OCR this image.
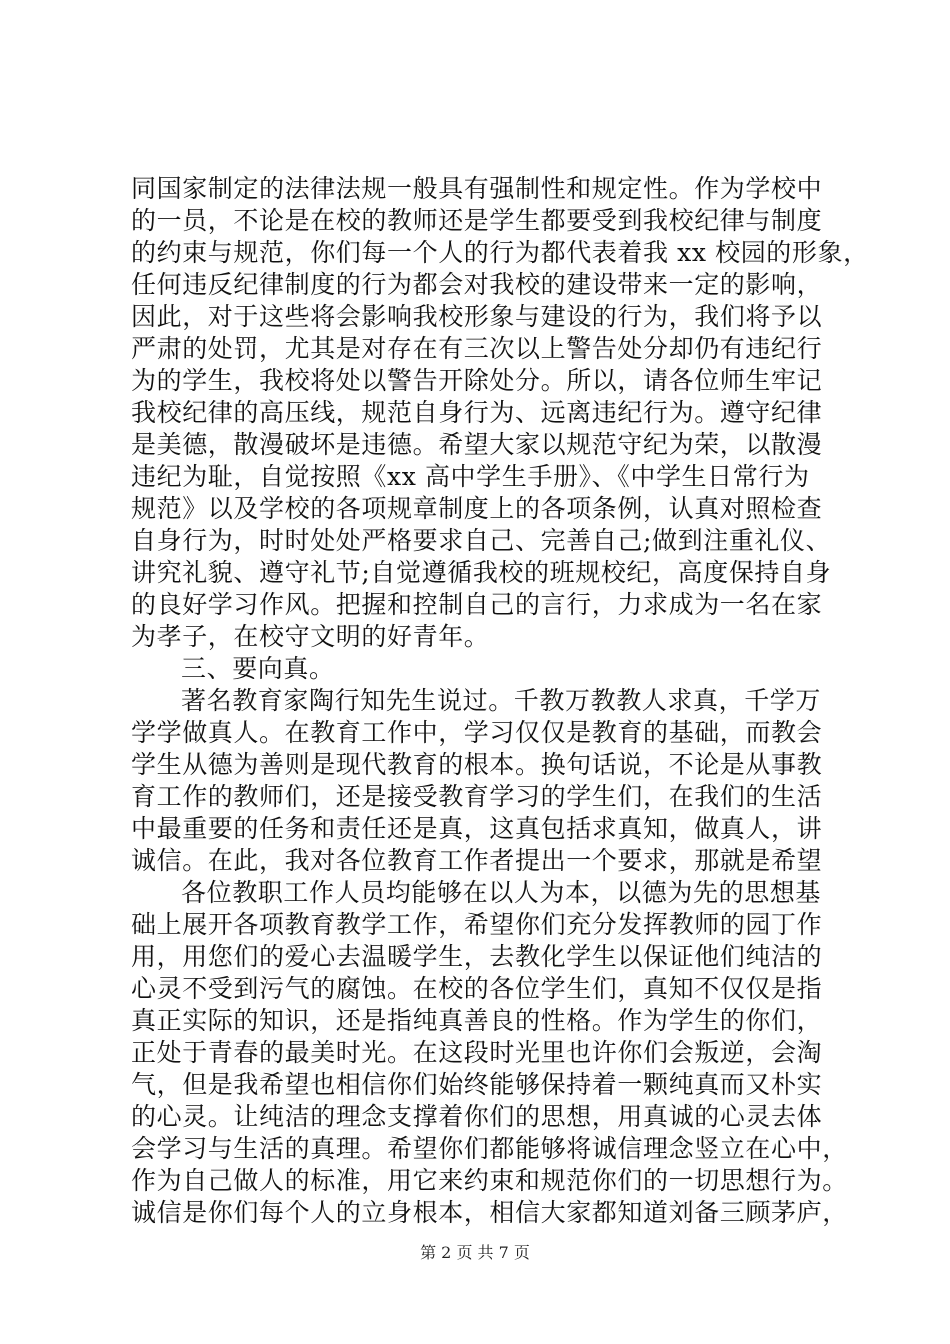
同国家制定的法律法规一般具有强制性和规定性。作为学校中
的一员，不论是在校的教师还是学生都要受到我校纪律与制度
的约束与规范，你们每一个人的行为都代表着我 xx 校园的形象，
任何违反纪律制度的行为都会对我校的建设带来一定的影响，
因此，对于这些将会影响我校形象与建设的行为，我们将予以
严肃的处罚，尤其是对存在有三次以上警告处分却仍有违纪行
为的学生，我校将处以警告开除处分。所以，请各位师生牢记
我校纪律的高压线，规范自身行为、远离违纪行为。遵守纪律
是美德，散漫破坏是违德。希望大家以规范守纪为荣，以散漫
违纪为耻，自觉按照《xx 高中学生手册》、《中学生日常行为
规范》以及学校的各项规章制度上的各项条例，认真对照检查
自身行为，时时处处严格要求自己、完善自己;做到注重礼仪、
讲究礼貌、遵守礼节;自觉遵循我校的班规校纪，高度保持自身
的良好学习作风。把握和控制自己的言行，力求成为一名在家
为孝子，在校守文明的好青年。
三、要向真。
著名教育家陶行知先生说过。千教万教教人求真，千学万
学学做真人。在教育工作中，学习仅仅是教育的基础，而教会
学生从德为善则是现代教育的根本。换句话说，不论是从事教
育工作的教师们，还是接受教育学习的学生们，在我们的生活
中最重要的任务和责任还是真，这真包括求真知，做真人，讲
诚信。在此，我对各位教育工作者提出一个要求，那就是希望
各位教职工作人员均能够在以人为本，以德为先的思想基
础上展开各项教育教学工作，希望你们充分发挥教师的园丁作
用，用您们的爱心去温暖学生，去教化学生以保证他们纯洁的
心灵不受到污气的腐蚀。在校的各位学生们，真知不仅仅是指
真正实际的知识，还是指纯真善良的性格。作为学生的你们，
正处于青春的最美时光。在这段时光里也许你们会叛逆，会淘
气，但是我希望也相信你们始终能够保持着一颗纯真而又朴实
的心灵。让纯洁的理念支撑着你们的思想，用真诚的心灵去体
会学习与生活的真理。希望你们都能够将诚信理念竖立在心中，
作为自己做人的标准，用它来约束和规范你们的一切思想行为。
诚信是你们每个人的立身根本，相信大家都知道刘备三顾茅庐，
第 2 页 共 7 页
